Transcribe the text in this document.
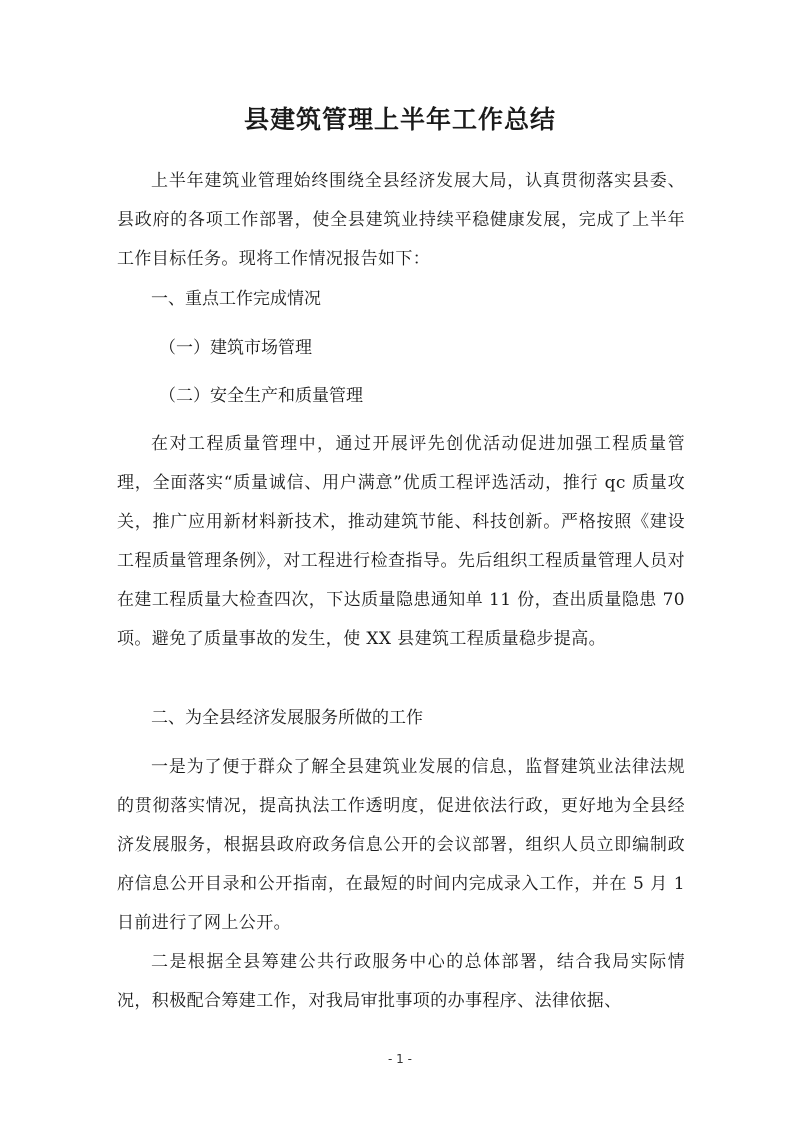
县建筑管理上半年工作总结

上半年建筑业管理始终围绕全县经济发展大局，认真贯彻落实县委、县政府的各项工作部署，使全县建筑业持续平稳健康发展，完成了上半年工作目标任务。现将工作情况报告如下：

一、重点工作完成情况

（一）建筑市场管理

（二）安全生产和质量管理

在对工程质量管理中，通过开展评先创优活动促进加强工程质量管理，全面落实“质量诚信、用户满意”优质工程评选活动，推行 qc 质量攻关，推广应用新材料新技术，推动建筑节能、科技创新。严格按照《建设工程质量管理条例》，对工程进行检查指导。先后组织工程质量管理人员对在建工程质量大检查四次，下达质量隐患通知单 11 份，查出质量隐患 70 项。避免了质量事故的发生，使 XX 县建筑工程质量稳步提高。

二、为全县经济发展服务所做的工作

一是为了便于群众了解全县建筑业发展的信息，监督建筑业法律法规的贯彻落实情况，提高执法工作透明度，促进依法行政，更好地为全县经济发展服务，根据县政府政务信息公开的会议部署，组织人员立即编制政府信息公开目录和公开指南，在最短的时间内完成录入工作，并在 5 月 1 日前进行了网上公开。

二是根据全县筹建公共行政服务中心的总体部署，结合我局实际情况，积极配合筹建工作，对我局审批事项的办事程序、法律依据、

- 1 -
